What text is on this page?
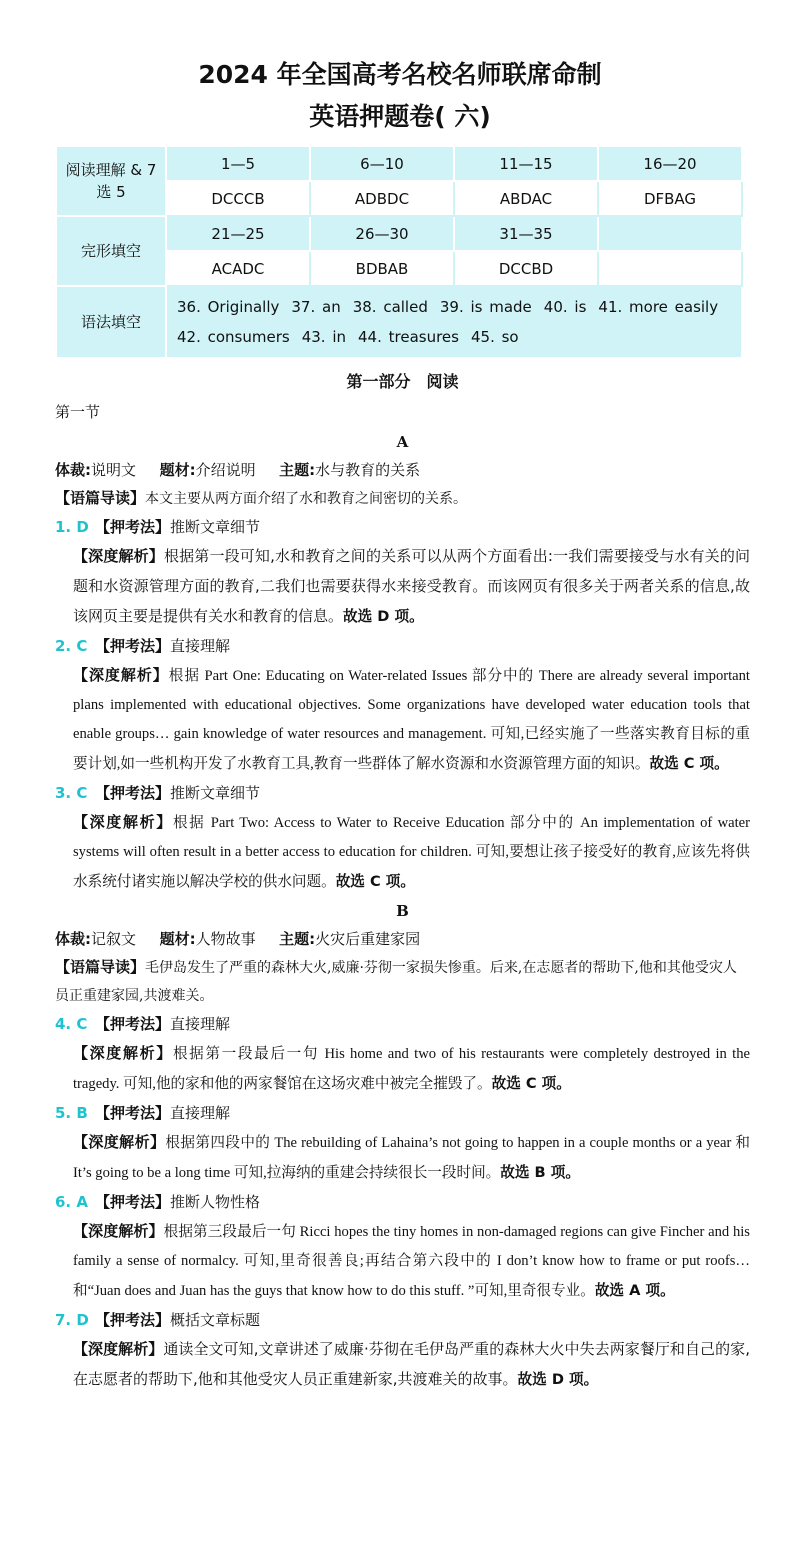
2024 年全国高考名校名师联席命制
英语押题卷( 六)
阅读理解 & 7 选 5	1—5	6—10	11—15	16—20
	DCCCB	ADBDC	ABDAC	DFBAG
完形填空	21—25	26—30	31—35	
	ACADC	BDBAB	DCCBD	
语法填空	36. Originally 37. an 38. called 39. is made 40. is 41. more easily
42. consumers 43. in 44. treasures 45. so			
第一部分　阅读
第一节
A
体裁:说明文 题材:介绍说明 主题:水与教育的关系
【语篇导读】本文主要从两方面介绍了水和教育之间密切的关系。
1. D 【押考法】推断文章细节
【深度解析】根据第一段可知,水和教育之间的关系可以从两个方面看出:一我们需要接受与水有关的问题和水资源管理方面的教育,二我们也需要获得水来接受教育。而该网页有很多关于两者关系的信息,故该网页主要是提供有关水和教育的信息。故选 D 项。
2. C 【押考法】直接理解
【深度解析】根据 Part One: Educating on Water-related Issues 部分中的 There are already several important plans implemented with educational objectives. Some organizations have developed water education tools that enable groups… gain knowledge of water resources and management. 可知,已经实施了一些落实教育目标的重要计划,如一些机构开发了水教育工具,教育一些群体了解水资源和水资源管理方面的知识。故选 C 项。
3. C 【押考法】推断文章细节
【深度解析】根据 Part Two: Access to Water to Receive Education 部分中的 An implementation of water systems will often result in a better access to education for children. 可知,要想让孩子接受好的教育,应该先将供水系统付诸实施以解决学校的供水问题。故选 C 项。
B
体裁:记叙文 题材:人物故事 主题:火灾后重建家园
【语篇导读】毛伊岛发生了严重的森林大火,威廉·芬彻一家损失惨重。后来,在志愿者的帮助下,他和其他受灾人员正重建家园,共渡难关。
4. C 【押考法】直接理解
【深度解析】根据第一段最后一句 His home and two of his restaurants were completely destroyed in the tragedy. 可知,他的家和他的两家餐馆在这场灾难中被完全摧毁了。故选 C 项。
5. B 【押考法】直接理解
【深度解析】根据第四段中的 The rebuilding of Lahaina’s not going to happen in a couple months or a year 和 It’s going to be a long time 可知,拉海纳的重建会持续很长一段时间。故选 B 项。
6. A 【押考法】推断人物性格
【深度解析】根据第三段最后一句 Ricci hopes the tiny homes in non-damaged regions can give Fincher and his family a sense of normalcy. 可知,里奇很善良;再结合第六段中的 I don’t know how to frame or put roofs… 和“Juan does and Juan has the guys that know how to do this stuff. ”可知,里奇很专业。故选 A 项。
7. D 【押考法】概括文章标题
【深度解析】通读全文可知,文章讲述了威廉·芬彻在毛伊岛严重的森林大火中失去两家餐厅和自己的家,在志愿者的帮助下,他和其他受灾人员正重建新家,共渡难关的故事。故选 D 项。
